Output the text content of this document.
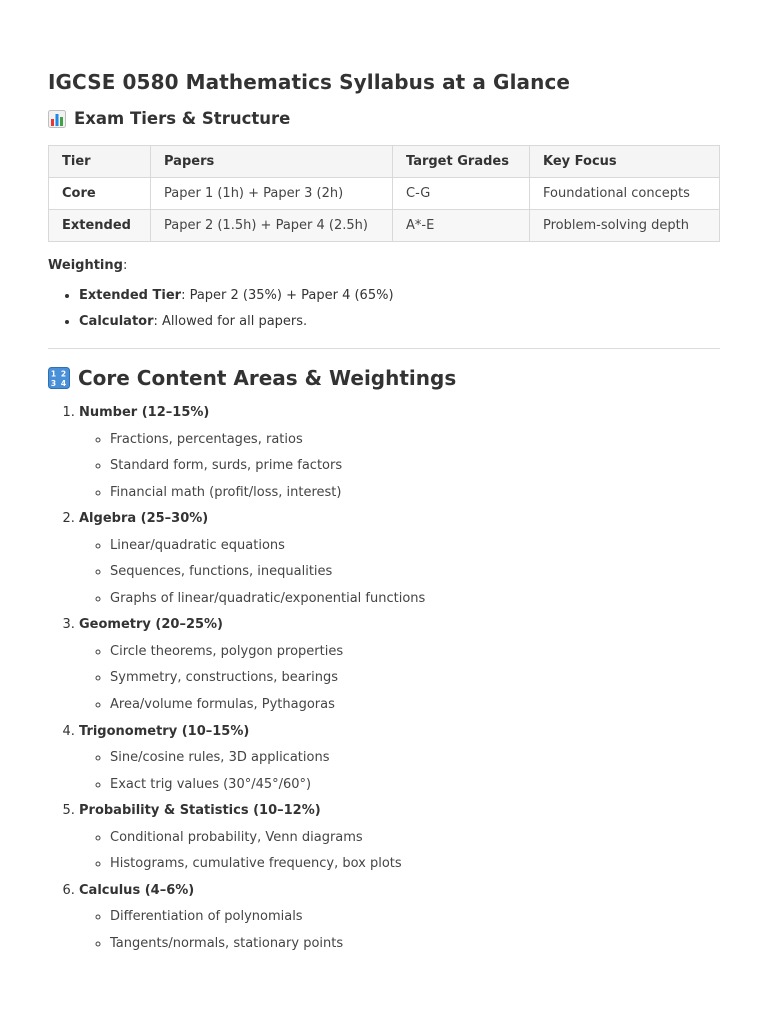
IGCSE 0580 Mathematics Syllabus at a Glance
Exam Tiers & Structure
Tier	Papers	Target Grades	Key Focus
Core	Paper 1 (1h) + Paper 3 (2h)	C-G	Foundational concepts
Extended	Paper 2 (1.5h) + Paper 4 (2.5h)	A*-E	Problem-solving depth
Weighting:
• Extended Tier: Paper 2 (35%) + Paper 4 (65%)
• Calculator: Allowed for all papers.
1 2
3 4 Core Content Areas & Weightings
1. Number (12–15%)
◦ Fractions, percentages, ratios
◦ Standard form, surds, prime factors
◦ Financial math (profit/loss, interest)
2. Algebra (25–30%)
◦ Linear/quadratic equations
◦ Sequences, functions, inequalities
◦ Graphs of linear/quadratic/exponential functions
3. Geometry (20–25%)
◦ Circle theorems, polygon properties
◦ Symmetry, constructions, bearings
◦ Area/volume formulas, Pythagoras
4. Trigonometry (10–15%)
◦ Sine/cosine rules, 3D applications
◦ Exact trig values (30°/45°/60°)
5. Probability & Statistics (10–12%)
◦ Conditional probability, Venn diagrams
◦ Histograms, cumulative frequency, box plots
6. Calculus (4–6%)
◦ Differentiation of polynomials
◦ Tangents/normals, stationary points
